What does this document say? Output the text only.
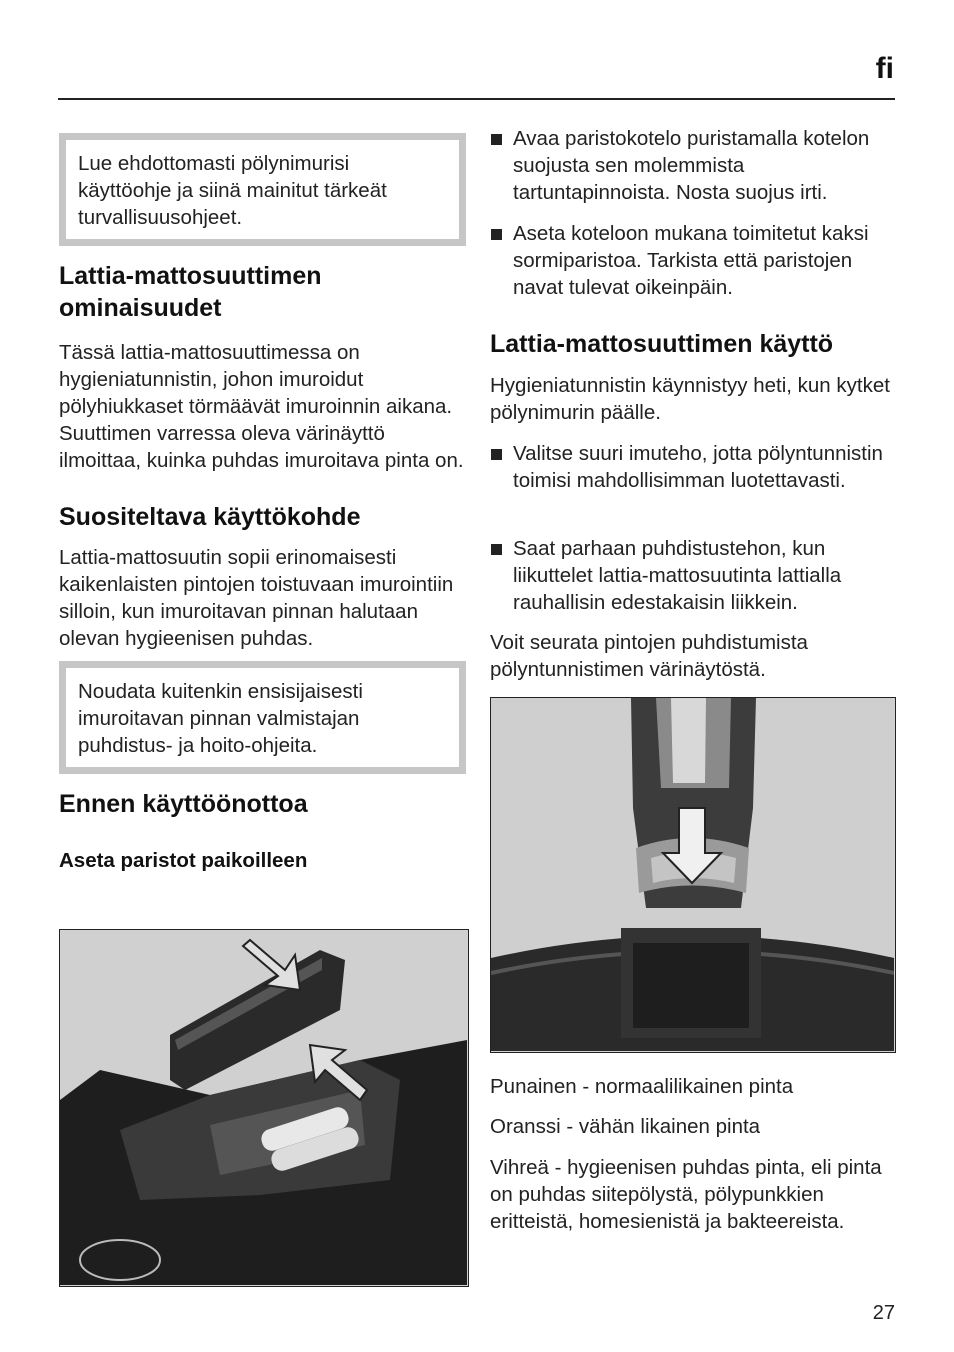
fi
Lue ehdottomasti pölynimurisi käyttöohje ja siinä mainitut tärkeät turvallisuusohjeet.
Lattia-mattosuuttimen ominaisuudet

Tässä lattia-mattosuuttimessa on hygieniatunnistin, johon imuroidut pölyhiukkaset törmäävät imuroinnin aikana. Suuttimen varressa oleva värinäyttö ilmoittaa, kuinka puhdas imuroitava pinta on.

Suositeltava käyttökohde

Lattia-mattosuutin sopii erinomaisesti kaikenlaisten pintojen toistuvaan imurointiin silloin, kun imuroitavan pinnan halutaan olevan hygieenisen puhdas.

Noudata kuitenkin ensisijaisesti imuroitavan pinnan valmistajan puhdistus- ja hoito-ohjeita.
Ennen käyttöönottoa
Aseta paristot paikoilleen
Avaa paristokotelo puristamalla kotelon suojusta sen molemmista tartuntapinnoista. Nosta suojus irti.
Aseta koteloon mukana toimitetut kaksi sormiparistoa. Tarkista että paristojen navat tulevat oikeinpäin.
Lattia-mattosuuttimen käyttö

Hygieniatunnistin käynnistyy heti, kun kytket pölynimurin päälle.

Valitse suuri imuteho, jotta pölyntunnistin toimisi mahdollisimman luotettavasti.
Saat parhaan puhdistustehon, kun liikuttelet lattia-mattosuutinta lattialla rauhallisin edestakaisin liikkein.

Voit seurata pintojen puhdistumista pölyntunnistimen värinäytöstä.

Punainen - normaalilikainen pinta

Oranssi - vähän likainen pinta

Vihreä - hygieenisen puhdas pinta, eli pinta on puhdas siitepölystä, pölypunkkien eritteistä, homesienistä ja bakteereista.

27
